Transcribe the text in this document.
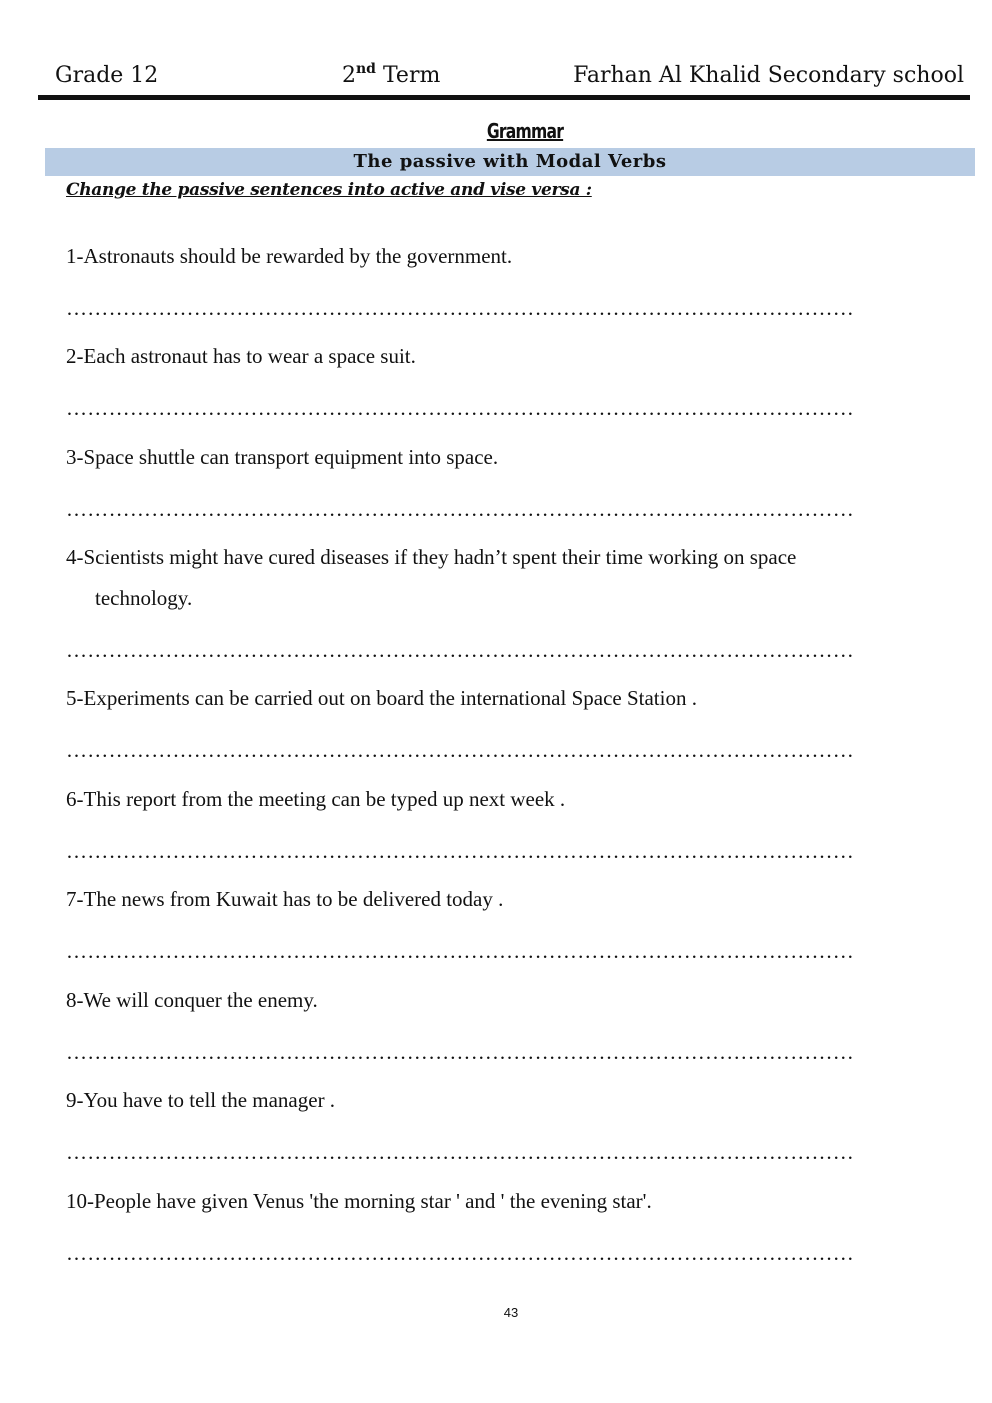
Grade 12	2nd Term	Farhan Al Khalid Secondary school
Grammar
The passive with Modal Verbs
Change the passive sentences into active and vise versa :
1-Astronauts should be rewarded by the government.
…………………………………………………………………………………………………
2-Each astronaut has to wear a space suit.
…………………………………………………………………………………………………
3-Space shuttle can transport equipment into space.
…………………………………………………………………………………………………
4-Scientists might have cured diseases if they hadn’t spent their time working on space
technology.
…………………………………………………………………………………………………
5-Experiments can be carried out on board the international Space Station .
…………………………………………………………………………………………………
6-This report from the meeting can be typed up next week .
…………………………………………………………………………………………………
7-The news from Kuwait has to be delivered today .
…………………………………………………………………………………………………
8-We will conquer the enemy.
…………………………………………………………………………………………………
9-You have to tell the manager .
…………………………………………………………………………………………………
10-People have given Venus 'the morning star ' and ' the evening star'.
…………………………………………………………………………………………………
43
